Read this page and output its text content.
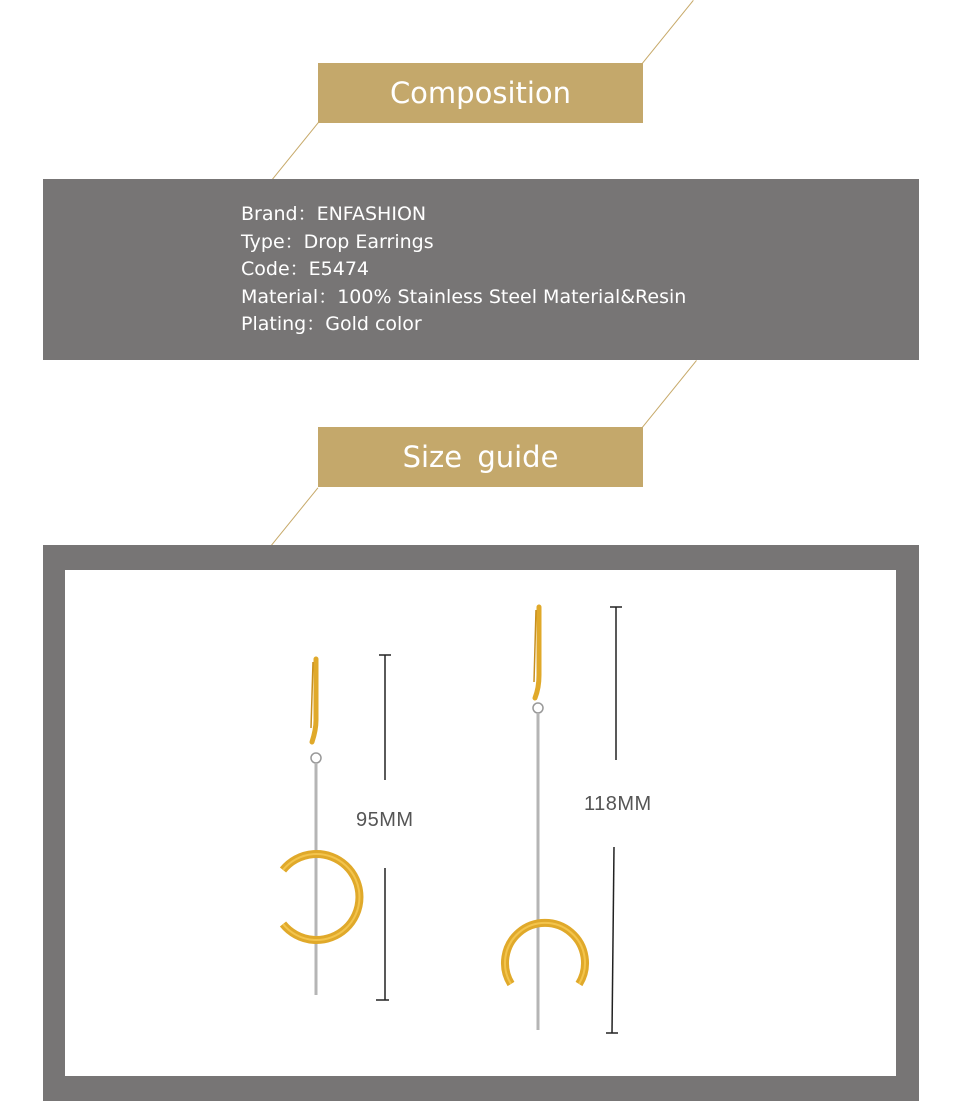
Composition
Brand：ENFASHION
Type：Drop Earrings
Code：E5474
Material：100% Stainless Steel Material&Resin
Plating：Gold color
Size guide
95MM
118MM
